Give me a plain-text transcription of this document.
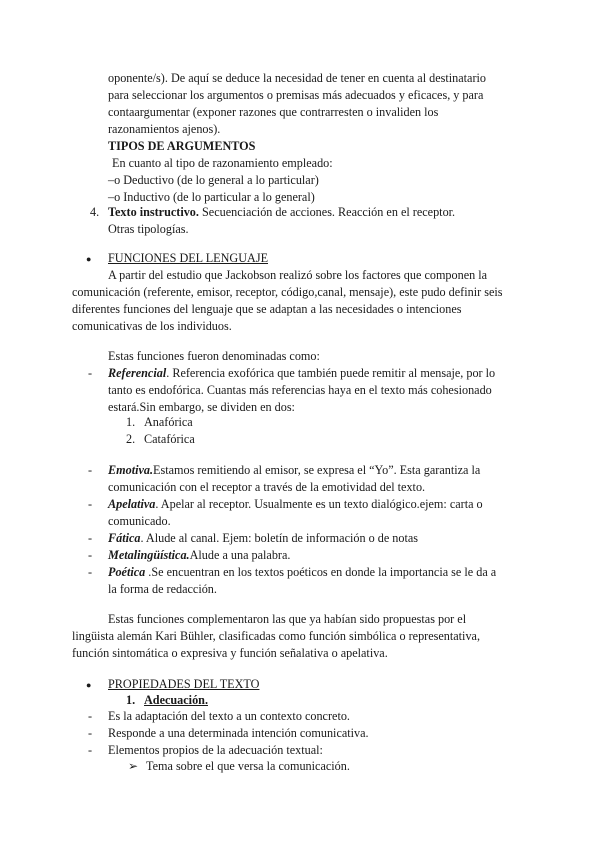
oponente/s). De aquí se deduce la necesidad de tener en cuenta al destinatario
para seleccionar los argumentos o premisas más adecuados y eficaces, y para
contaargumentar (exponer razones que contrarresten o invaliden los
razonamientos ajenos).
TIPOS DE ARGUMENTOS
En cuanto al tipo de razonamiento empleado:
–o Deductivo (de lo general a lo particular)
–o Inductivo (de lo particular a lo general)
4. Texto instructivo. Secuenciación de acciones. Reacción en el receptor.
Otras tipologías.
● FUNCIONES DEL LENGUAJE
A partir del estudio que Jackobson realizó sobre los factores que componen la
comunicación (referente, emisor, receptor, código,canal, mensaje), este pudo definir seis
diferentes funciones del lenguaje que se adaptan a las necesidades o intenciones
comunicativas de los individuos.
Estas funciones fueron denominadas como:
- Referencial. Referencia exofórica que también puede remitir al mensaje, por lo
tanto es endofórica. Cuantas más referencias haya en el texto más cohesionado
estará.Sin embargo, se dividen en dos:
1. Anafórica
2. Catafórica
- Emotiva.Estamos remitiendo al emisor, se expresa el “Yo”. Esta garantiza la
comunicación con el receptor a través de la emotividad del texto.
- Apelativa. Apelar al receptor. Usualmente es un texto dialógico.ejem: carta o
comunicado.
- Fática. Alude al canal. Ejem: boletín de información o de notas
- Metalingüística.Alude a una palabra.
- Poética .Se encuentran en los textos poéticos en donde la importancia se le da a
la forma de redacción.
Estas funciones complementaron las que ya habían sido propuestas por el
lingüista alemán Kari Bühler, clasificadas como función simbólica o representativa,
función sintomática o expresiva y función señalativa o apelativa.
● PROPIEDADES DEL TEXTO
1. Adecuación.
- Es la adaptación del texto a un contexto concreto.
- Responde a una determinada intención comunicativa.
- Elementos propios de la adecuación textual:
➢ Tema sobre el que versa la comunicación.
